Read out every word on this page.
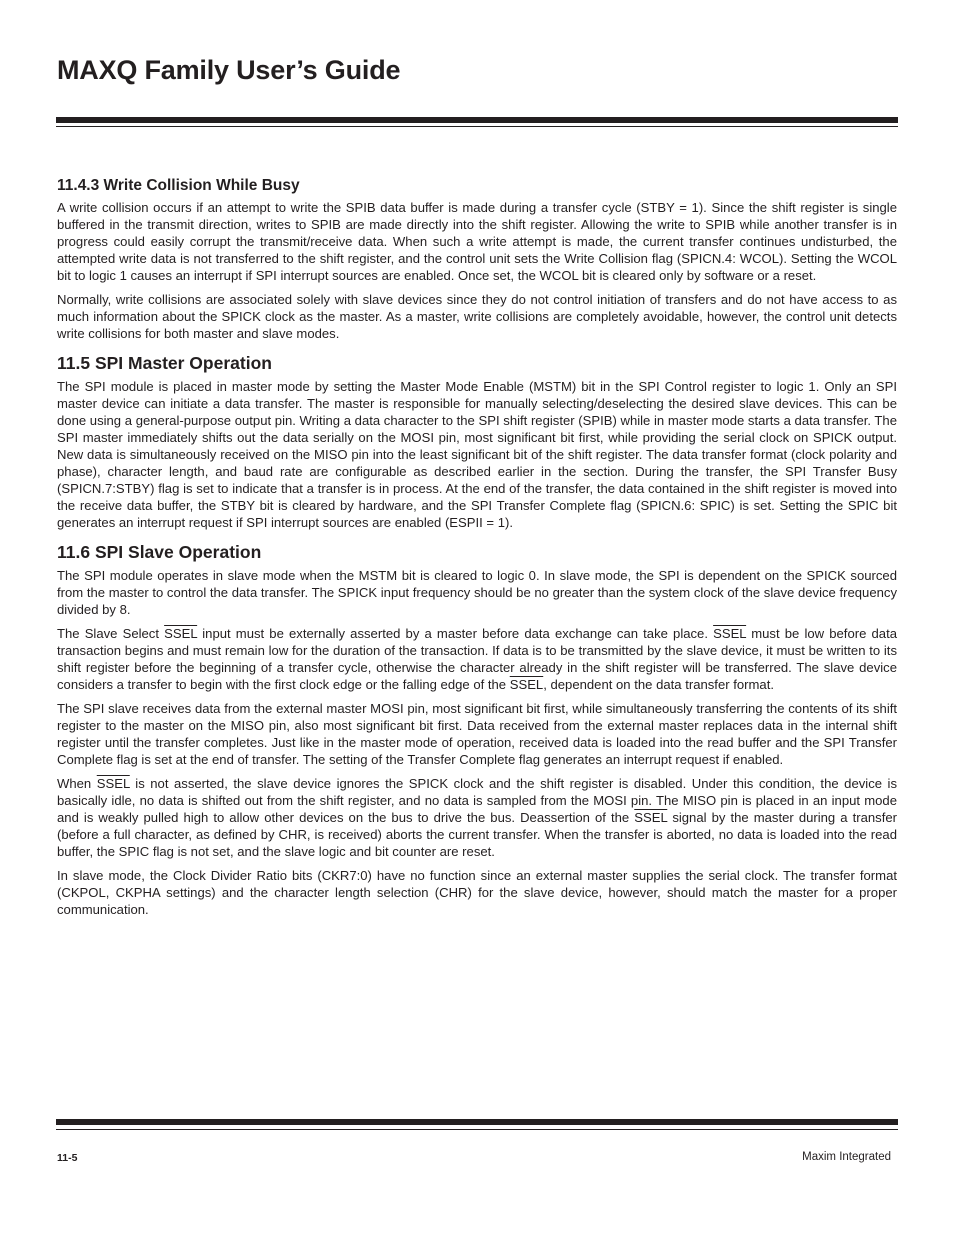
MAXQ Family User’s Guide
11.4.3 Write Collision While Busy

A write collision occurs if an attempt to write the SPIB data buffer is made during a transfer cycle (STBY = 1). Since the shift register is single buffered in the transmit direction, writes to SPIB are made directly into the shift register. Allowing the write to SPIB while another transfer is in progress could easily corrupt the transmit/receive data. When such a write attempt is made, the current transfer continues undisturbed, the attempted write data is not transferred to the shift register, and the control unit sets the Write Collision flag (SPICN.4: WCOL). Setting the WCOL bit to logic 1 causes an interrupt if SPI interrupt sources are enabled. Once set, the WCOL bit is cleared only by software or a reset.

Normally, write collisions are associated solely with slave devices since they do not control initiation of transfers and do not have access to as much information about the SPICK clock as the master. As a master, write collisions are completely avoidable, however, the control unit detects write collisions for both master and slave modes.

11.5 SPI Master Operation

The SPI module is placed in master mode by setting the Master Mode Enable (MSTM) bit in the SPI Control register to logic 1. Only an SPI master device can initiate a data transfer. The master is responsible for manually selecting/deselecting the desired slave devices. This can be done using a general-purpose output pin. Writing a data character to the SPI shift register (SPIB) while in master mode starts a data transfer. The SPI master immediately shifts out the data serially on the MOSI pin, most significant bit first, while providing the serial clock on SPICK output. New data is simultaneously received on the MISO pin into the least significant bit of the shift register. The data transfer format (clock polarity and phase), character length, and baud rate are configurable as described earlier in the section. During the transfer, the SPI Transfer Busy (SPICN.7:STBY) flag is set to indicate that a transfer is in process. At the end of the transfer, the data contained in the shift register is moved into the receive data buffer, the STBY bit is cleared by hardware, and the SPI Transfer Complete flag (SPICN.6: SPIC) is set. Setting the SPIC bit generates an interrupt request if SPI interrupt sources are enabled (ESPII = 1).

11.6 SPI Slave Operation

The SPI module operates in slave mode when the MSTM bit is cleared to logic 0. In slave mode, the SPI is dependent on the SPICK sourced from the master to control the data transfer. The SPICK input frequency should be no greater than the system clock of the slave device frequency divided by 8.

The Slave Select SSEL input must be externally asserted by a master before data exchange can take place. SSEL must be low before data transaction begins and must remain low for the duration of the transaction. If data is to be transmitted by the slave device, it must be written to its shift register before the beginning of a transfer cycle, otherwise the character already in the shift register will be transferred. The slave device considers a transfer to begin with the first clock edge or the falling edge of the SSEL, dependent on the data transfer format.

The SPI slave receives data from the external master MOSI pin, most significant bit first, while simultaneously transferring the contents of its shift register to the master on the MISO pin, also most significant bit first. Data received from the external master replaces data in the internal shift register until the transfer completes. Just like in the master mode of operation, received data is loaded into the read buffer and the SPI Transfer Complete flag is set at the end of transfer. The setting of the Transfer Complete flag generates an interrupt request if enabled.

When SSEL is not asserted, the slave device ignores the SPICK clock and the shift register is disabled. Under this condition, the device is basically idle, no data is shifted out from the shift register, and no data is sampled from the MOSI pin. The MISO pin is placed in an input mode and is weakly pulled high to allow other devices on the bus to drive the bus. Deassertion of the SSEL signal by the master during a transfer (before a full character, as defined by CHR, is received) aborts the current transfer. When the transfer is aborted, no data is loaded into the read buffer, the SPIC flag is not set, and the slave logic and bit counter are reset.

In slave mode, the Clock Divider Ratio bits (CKR7:0) have no function since an external master supplies the serial clock. The transfer format (CKPOL, CKPHA settings) and the character length selection (CHR) for the slave device, however, should match the master for a proper communication.

11-5	Maxim Integrated
